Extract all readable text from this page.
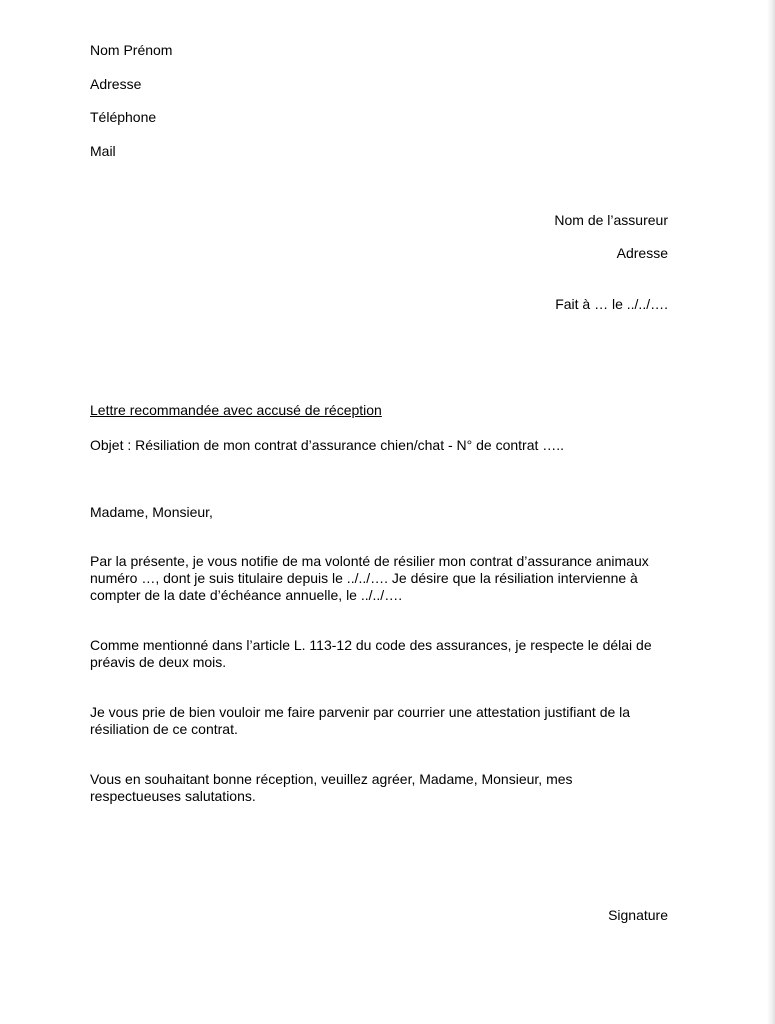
Nom Prénom

Adresse

Téléphone

Mail

Nom de l’assureur

Adresse

Fait à … le ../../….

Lettre recommandée avec accusé de réception

Objet : Résiliation de mon contrat d’assurance chien/chat - N° de contrat …..

Madame, Monsieur,

Par la présente, je vous notifie de ma volonté de résilier mon contrat d’assurance animaux
numéro …, dont je suis titulaire depuis le ../../…. Je désire que la résiliation intervienne à
compter de la date d’échéance annuelle, le ../../….
Comme mentionné dans l’article L. 113-12 du code des assurances, je respecte le délai de
préavis de deux mois.
Je vous prie de bien vouloir me faire parvenir par courrier une attestation justifiant de la
résiliation de ce contrat.
Vous en souhaitant bonne réception, veuillez agréer, Madame, Monsieur, mes
respectueuses salutations.

Signature
